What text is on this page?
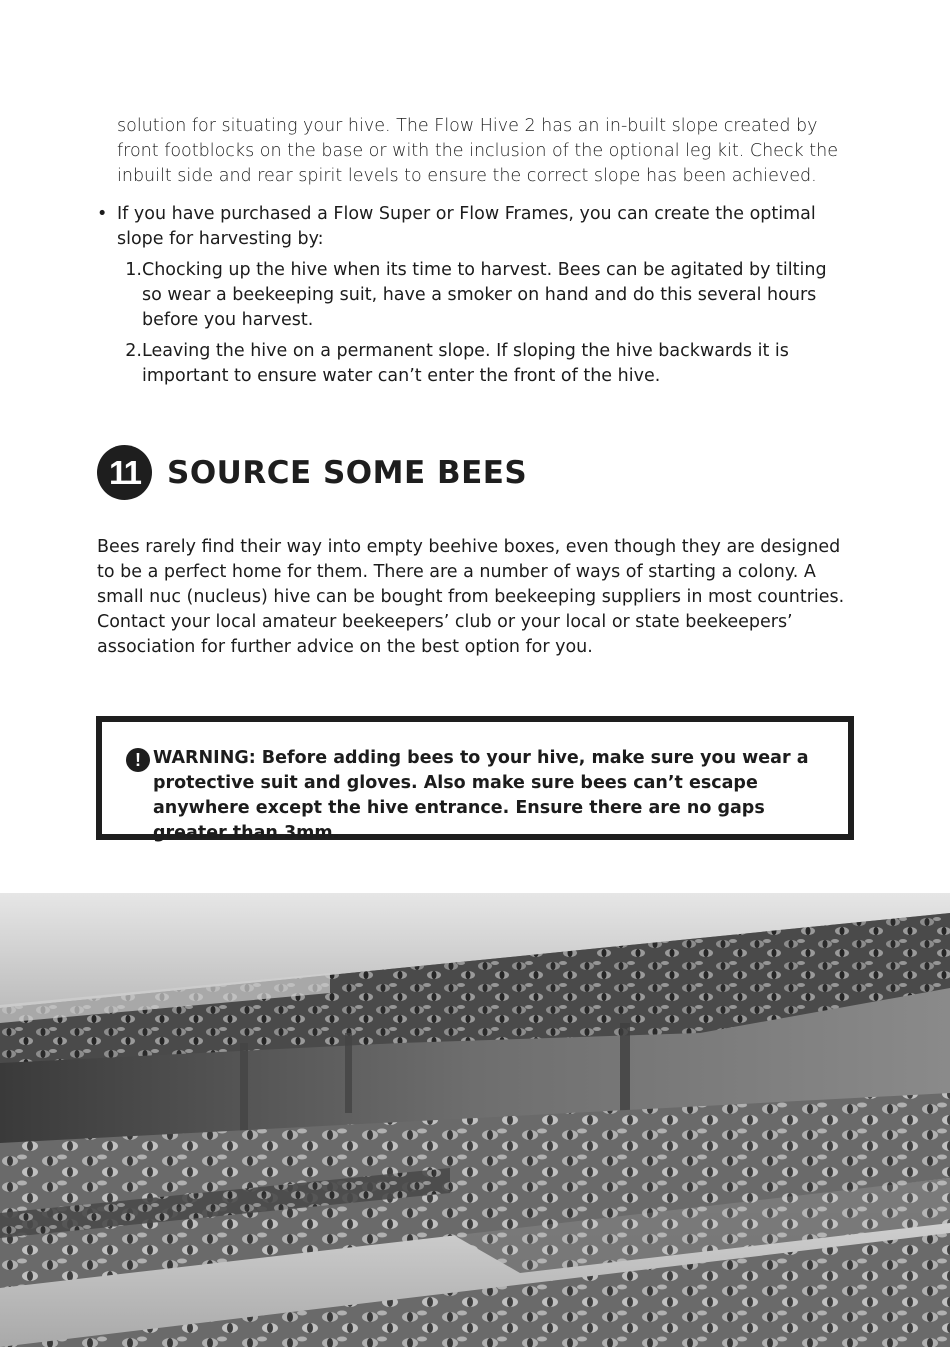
solution for situating your hive. The Flow Hive 2 has an in-built slope created by front footblocks on the base or with the inclusion of the optional leg kit. Check the inbuilt side and rear spirit levels to ensure the correct slope has been achieved.

• If you have purchased a Flow Super or Flow Frames, you can create the optimal slope for harvesting by:
1. Chocking up the hive when its time to harvest. Bees can be agitated by tilting so wear a beekeeping suit, have a smoker on hand and do this several hours before you harvest.
2. Leaving the hive on a permanent slope. If sloping the hive backwards it is important to ensure water can’t enter the front of the hive.
11 SOURCE SOME BEES

Bees rarely find their way into empty beehive boxes, even though they are designed to be a perfect home for them. There are a number of ways of starting a colony. A small nuc (nucleus) hive can be bought from beekeeping suppliers in most countries. Contact your local amateur beekeepers’ club or your local or state beekeepers’ association for further advice on the best option for you.

! WARNING: Before adding bees to your hive, make sure you wear a protective suit and gloves. Also make sure bees can’t escape anywhere except the hive entrance. Ensure there are no gaps greater than 3mm.
